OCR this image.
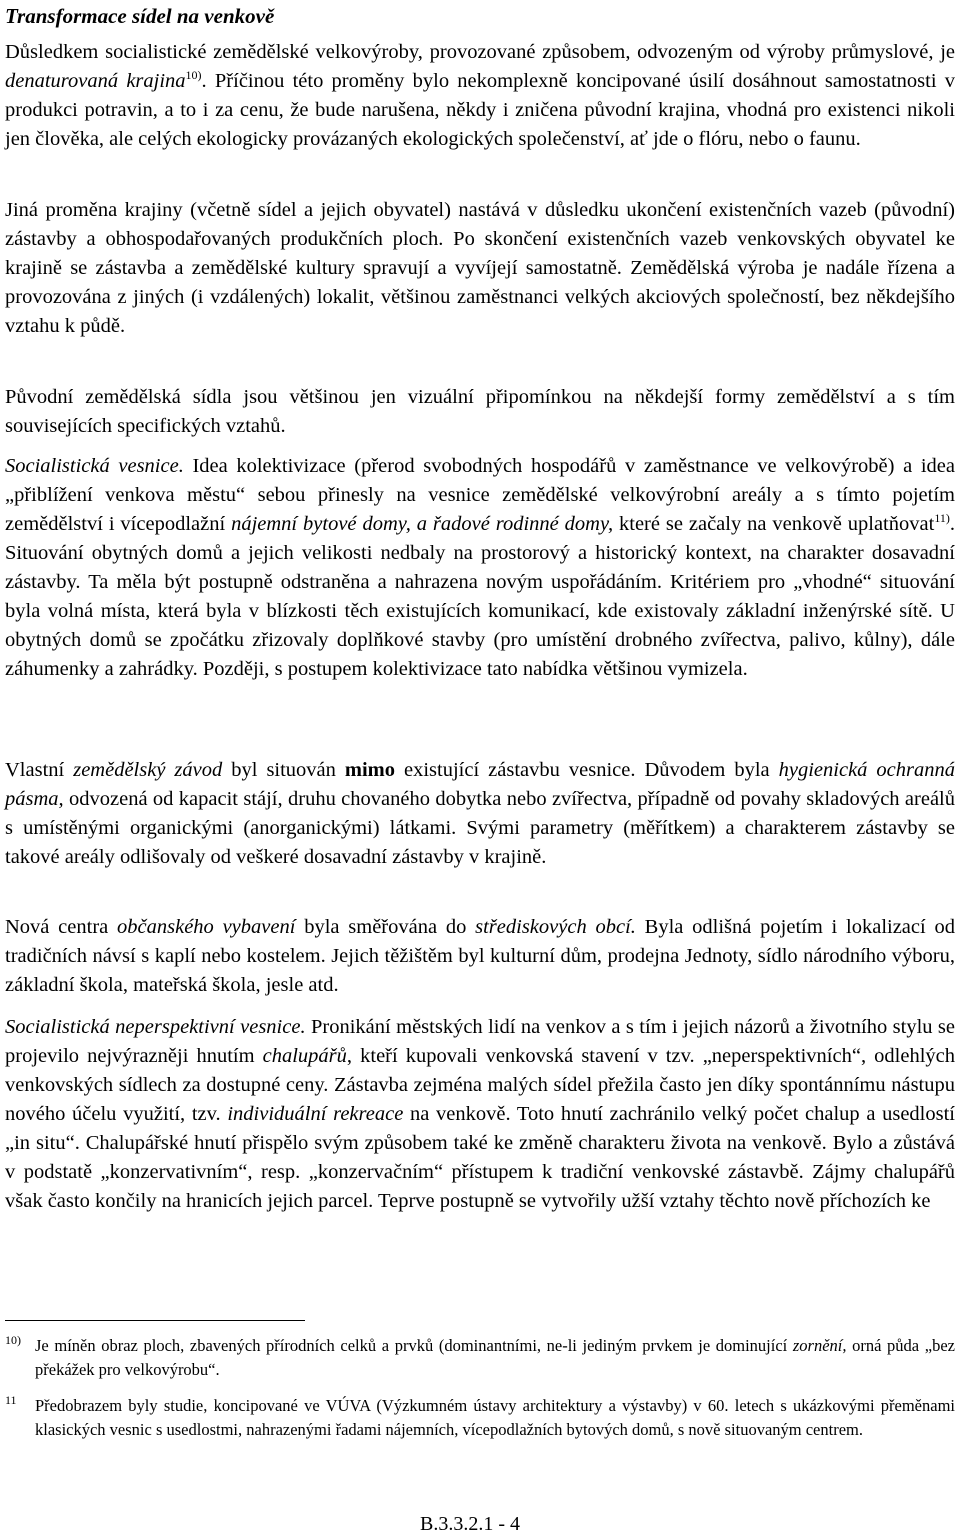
Transformace sídel na venkově

Důsledkem socialistické zemědělské velkovýroby, provozované způsobem, odvozeným od výroby průmyslové, je denaturovaná krajina$^{10)}$. Příčinou této proměny bylo nekomplexně koncipované úsilí dosáhnout samostatnosti v produkci potravin, a to i za cenu, že bude narušena, někdy i zničena původní krajina, vhodná pro existenci nikoli jen člověka, ale celých ekologicky provázaných ekologických společenství, ať jde o flóru, nebo o faunu.

Jiná proměna krajiny (včetně sídel a jejich obyvatel) nastává v důsledku ukončení existenčních vazeb (původní) zástavby a obhospodařovaných produkčních ploch. Po skončení existenčních vazeb venkovských obyvatel ke krajině se zástavba a zemědělské kultury spravují a vyvíjejí samostatně. Zemědělská výroba je nadále řízena a provozována z jiných (i vzdálených) lokalit, většinou zaměstnanci velkých akciových společností, bez někdejšího vztahu k půdě.

Původní zemědělská sídla jsou většinou jen vizuální připomínkou na někdejší formy zemědělství a s tím souvisejících specifických vztahů.

Socialistická vesnice. Idea kolektivizace (přerod svobodných hospodářů v zaměstnance ve velkovýrobě) a idea „přiblížení venkova městu“ sebou přinesly na vesnice zemědělské velkovýrobní areály a s tímto pojetím zemědělství i vícepodlažní nájemní bytové domy, a řadové rodinné domy, které se začaly na venkově uplatňovat$^{11)}$. Situování obytných domů a jejich velikosti nedbaly na prostorový a historický kontext, na charakter dosavadní zástavby. Ta měla být postupně odstraněna a nahrazena novým uspořádáním. Kritériem pro „vhodné“ situování byla volná místa, která byla v blízkosti těch existujících komunikací, kde existovaly základní inženýrské sítě. U obytných domů se zpočátku zřizovaly doplňkové stavby (pro umístění drobného zvířectva, palivo, kůlny), dále záhumenky a zahrádky. Později, s postupem kolektivizace tato nabídka většinou vymizela.

Vlastní zemědělský závod byl situován mimo existující zástavbu vesnice. Důvodem byla hygienická ochranná pásma, odvozená od kapacit stájí, druhu chovaného dobytka nebo zvířectva, případně od povahy skladových areálů s umístěnými organickými (anorganickými) látkami. Svými parametry (měřítkem) a charakterem zástavby se takové areály odlišovaly od veškeré dosavadní zástavby v krajině.

Nová centra občanského vybavení byla směřována do střediskových obcí. Byla odlišná pojetím i lokalizací od tradičních návsí s kaplí nebo kostelem. Jejich těžištěm byl kulturní dům, prodejna Jednoty, sídlo národního výboru, základní škola, mateřská škola, jesle atd.

Socialistická neperspektivní vesnice. Pronikání městských lidí na venkov a s tím i jejich názorů a životního stylu se projevilo nejvýrazněji hnutím chalupářů, kteří kupovali venkovská stavení v tzv. „neperspektivních“, odlehlých venkovských sídlech za dostupné ceny. Zástavba zejména malých sídel přežila často jen díky spontánnímu nástupu nového účelu využití, tzv. individuální rekreace na venkově. Toto hnutí zachránilo velký počet chalup a usedlostí „in situ“. Chalupářské hnutí přispělo svým způsobem také ke změně charakteru života na venkově. Bylo a zůstává v podstatě „konzervativním“, resp. „konzervačním“ přístupem k tradiční venkovské zástavbě. Zájmy chalupářů však často končily na hranicích jejich parcel. Teprve postupně se vytvořily užší vztahy těchto nově příchozích ke

10) Je míněn obraz ploch, zbavených přírodních celků a prvků (dominantními, ne-li jediným prvkem je dominující zornění, orná půda „bez překážek pro velkovýrobu“.
11 Předobrazem byly studie, koncipované ve VÚVA (Výzkumném ústavy architektury a výstavby) v 60. letech s ukázkovými přeměnami klasických vesnic s usedlostmi, nahrazenými řadami nájemních, vícepodlažních bytových domů, s nově situovaným centrem.
B.3.3.2.1 - 4
